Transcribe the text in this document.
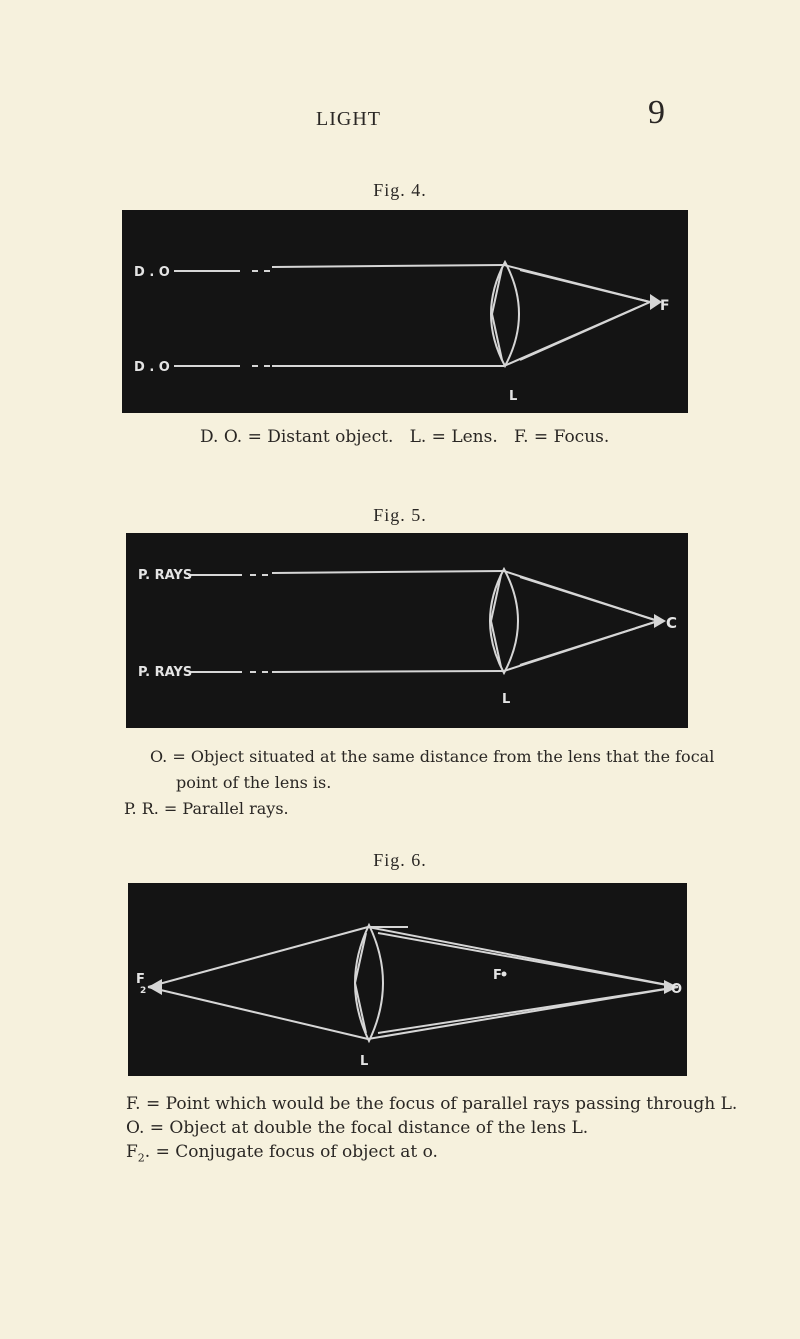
LIGHT	9
Fig. 4.
D . O
D . O
F
L
D. O. = Distant object.   L. = Lens.   F. = Focus.
Fig. 5.
P. RAYS
P. RAYS
C
L

O. = Object situated at the same distance from the lens that the focal

point of the lens is.

P. R. = Parallel rays.

Fig. 6.
F
2
F
O
L

F. = Point which would be the focus of parallel rays passing through L.

O. = Object at double the focal distance of the lens L.

$F_2$. = Conjugate focus of object at o.
